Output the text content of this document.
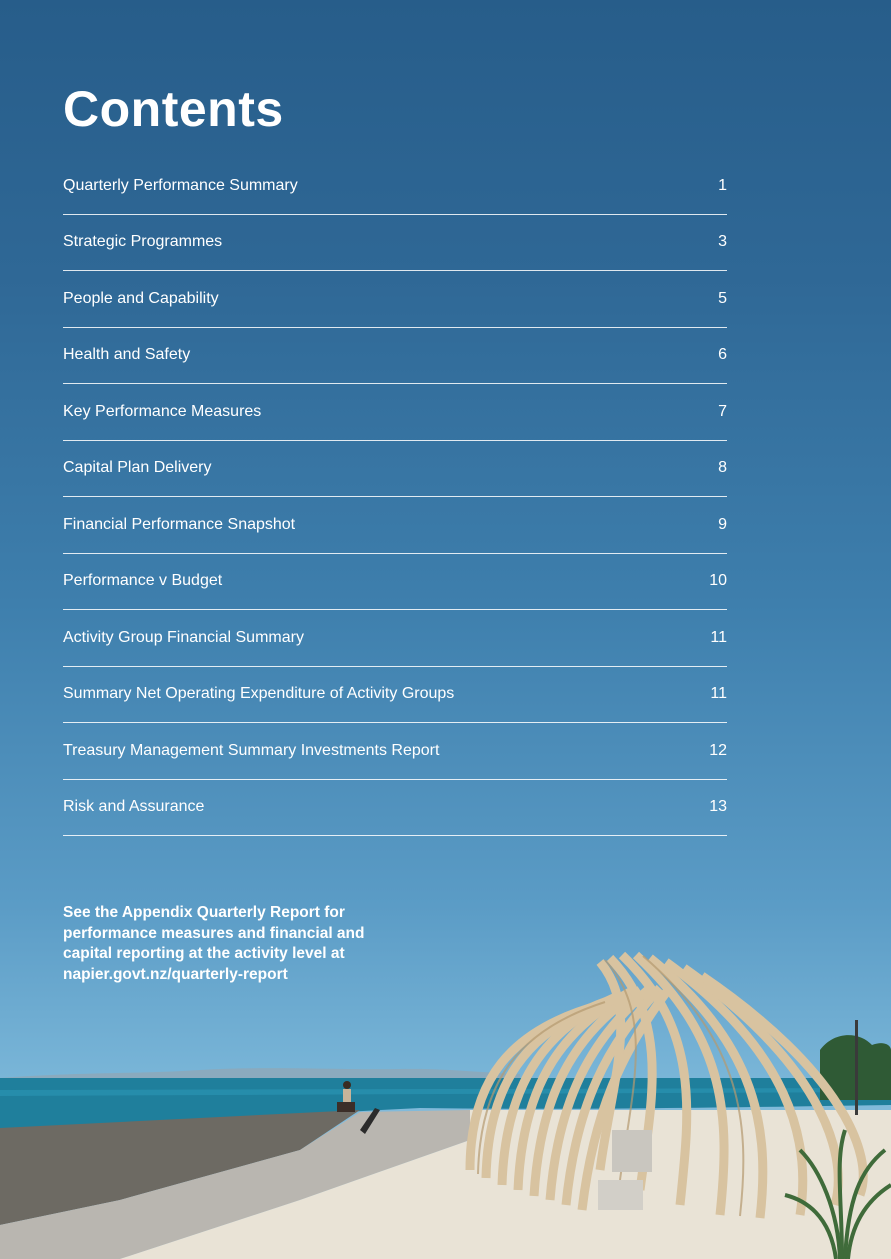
Contents
Quarterly Performance Summary	1
Strategic Programmes	3
People and Capability	5
Health and Safety	6
Key Performance Measures	7
Capital Plan Delivery	8
Financial Performance Snapshot	9
Performance v Budget	10
Activity Group Financial Summary	11
Summary Net Operating Expenditure of Activity Groups	11
Treasury Management Summary Investments Report	12
Risk and Assurance	13

See the Appendix Quarterly Report for
performance measures and financial and
capital reporting at the activity level at
napier.govt.nz/quarterly-report
